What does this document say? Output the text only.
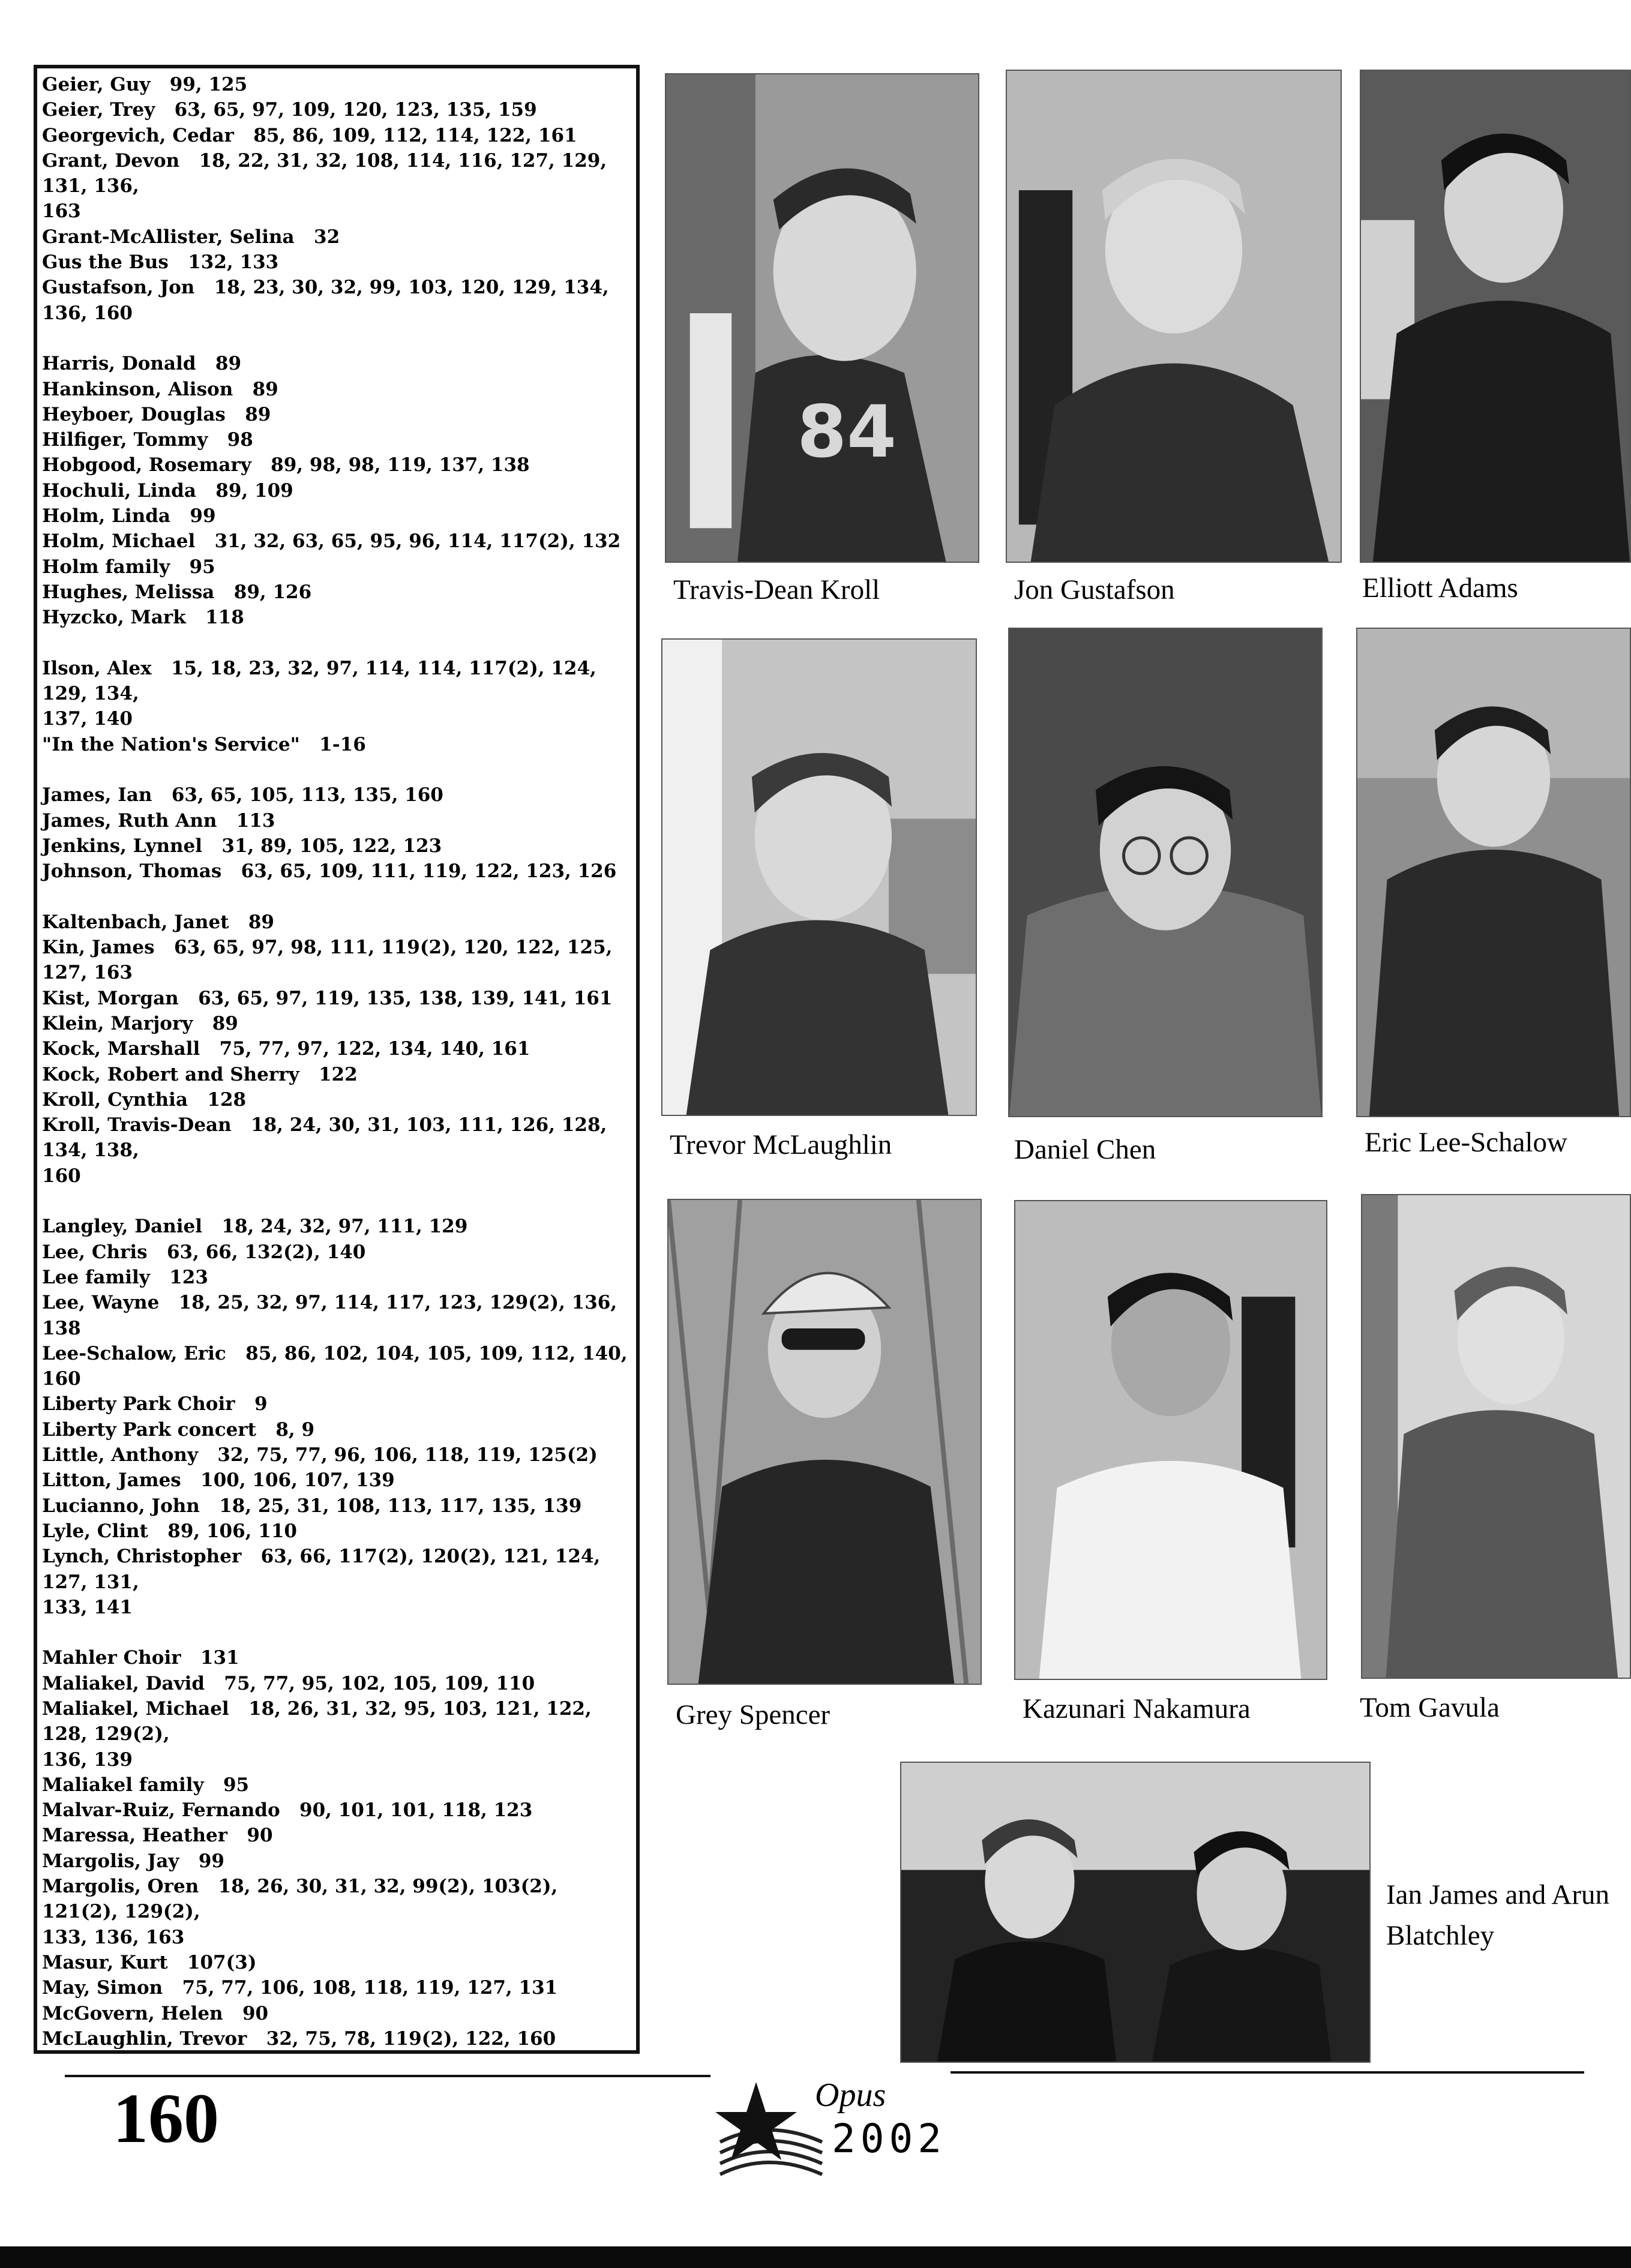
Geier, Guy   99, 125
Geier, Trey   63, 65, 97, 109, 120, 123, 135, 159
Georgevich, Cedar   85, 86, 109, 112, 114, 122, 161
Grant, Devon   18, 22, 31, 32, 108, 114, 116, 127, 129, 131, 136,
163
Grant-McAllister, Selina   32
Gus the Bus   132, 133
Gustafson, Jon   18, 23, 30, 32, 99, 103, 120, 129, 134, 136, 160
Harris, Donald   89
Hankinson, Alison   89
Heyboer, Douglas   89
Hilfiger, Tommy   98
Hobgood, Rosemary   89, 98, 98, 119, 137, 138
Hochuli, Linda   89, 109
Holm, Linda   99
Holm, Michael   31, 32, 63, 65, 95, 96, 114, 117(2), 132
Holm family   95
Hughes, Melissa   89, 126
Hyzcko, Mark   118
Ilson, Alex   15, 18, 23, 32, 97, 114, 114, 117(2), 124, 129, 134,
137, 140
"In the Nation's Service"   1-16
James, Ian   63, 65, 105, 113, 135, 160
James, Ruth Ann   113
Jenkins, Lynnel   31, 89, 105, 122, 123
Johnson, Thomas   63, 65, 109, 111, 119, 122, 123, 126
Kaltenbach, Janet   89
Kin, James   63, 65, 97, 98, 111, 119(2), 120, 122, 125, 127, 163
Kist, Morgan   63, 65, 97, 119, 135, 138, 139, 141, 161
Klein, Marjory   89
Kock, Marshall   75, 77, 97, 122, 134, 140, 161
Kock, Robert and Sherry   122
Kroll, Cynthia   128
Kroll, Travis-Dean   18, 24, 30, 31, 103, 111, 126, 128, 134, 138,
160
Langley, Daniel   18, 24, 32, 97, 111, 129
Lee, Chris   63, 66, 132(2), 140
Lee family   123
Lee, Wayne   18, 25, 32, 97, 114, 117, 123, 129(2), 136, 138
Lee-Schalow, Eric   85, 86, 102, 104, 105, 109, 112, 140, 160
Liberty Park Choir   9
Liberty Park concert   8, 9
Little, Anthony   32, 75, 77, 96, 106, 118, 119, 125(2)
Litton, James   100, 106, 107, 139
Lucianno, John   18, 25, 31, 108, 113, 117, 135, 139
Lyle, Clint   89, 106, 110
Lynch, Christopher   63, 66, 117(2), 120(2), 121, 124, 127, 131,
133, 141
Mahler Choir   131
Maliakel, David   75, 77, 95, 102, 105, 109, 110
Maliakel, Michael   18, 26, 31, 32, 95, 103, 121, 122, 128, 129(2),
136, 139
Maliakel family   95
Malvar-Ruiz, Fernando   90, 101, 101, 118, 123
Maressa, Heather   90
Margolis, Jay   99
Margolis, Oren   18, 26, 30, 31, 32, 99(2), 103(2), 121(2), 129(2),
133, 136, 163
Masur, Kurt   107(3)
May, Simon   75, 77, 106, 108, 118, 119, 127, 131
McGovern, Helen   90
McLaughlin, Trevor   32, 75, 78, 119(2), 122, 160
84
Travis-Dean Kroll	Jon Gustafson	Elliott Adams
Trevor McLaughlin	Daniel Chen	Eric Lee-Schalow
Grey Spencer	Kazunari Nakamura	Tom Gavula
Ian James and Arun Blatchley
160	Opus
2002
